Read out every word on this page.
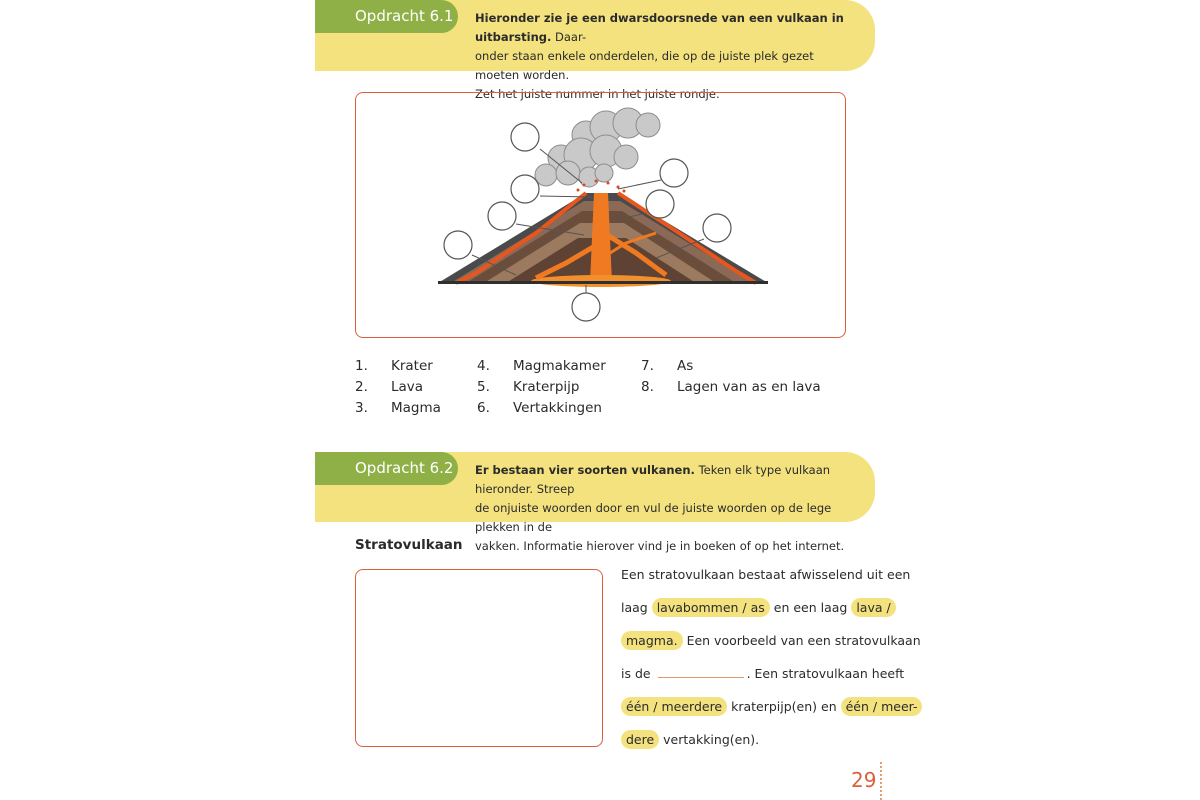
Opdracht 6.1	Hieronder zie je een dwarsdoorsnede van een vulkaan in uitbarsting. Daar-
onder staan enkele onderdelen, die op de juiste plek gezet moeten worden.
Zet het juiste nummer in het juiste rondje.
1. Krater
2. Lava
3. Magma
4. Magmakamer
5. Kraterpijp
6. Vertakkingen
7. As
8. Lagen van as en lava
Opdracht 6.2	Er bestaan vier soorten vulkanen. Teken elk type vulkaan hieronder. Streep
de onjuiste woorden door en vul de juiste woorden op de lege plekken in de
vakken. Informatie hierover vind je in boeken of op het internet.
Stratovulkaan
Een stratovulkaan bestaat afwisselend uit een
laag lavabommen / as en een laag lava /
magma. Een voorbeeld van een stratovulkaan
is de	. Een stratovulkaan heeft
één / meerdere kraterpijp(en) en één / meer-
dere vertakking(en).
29
